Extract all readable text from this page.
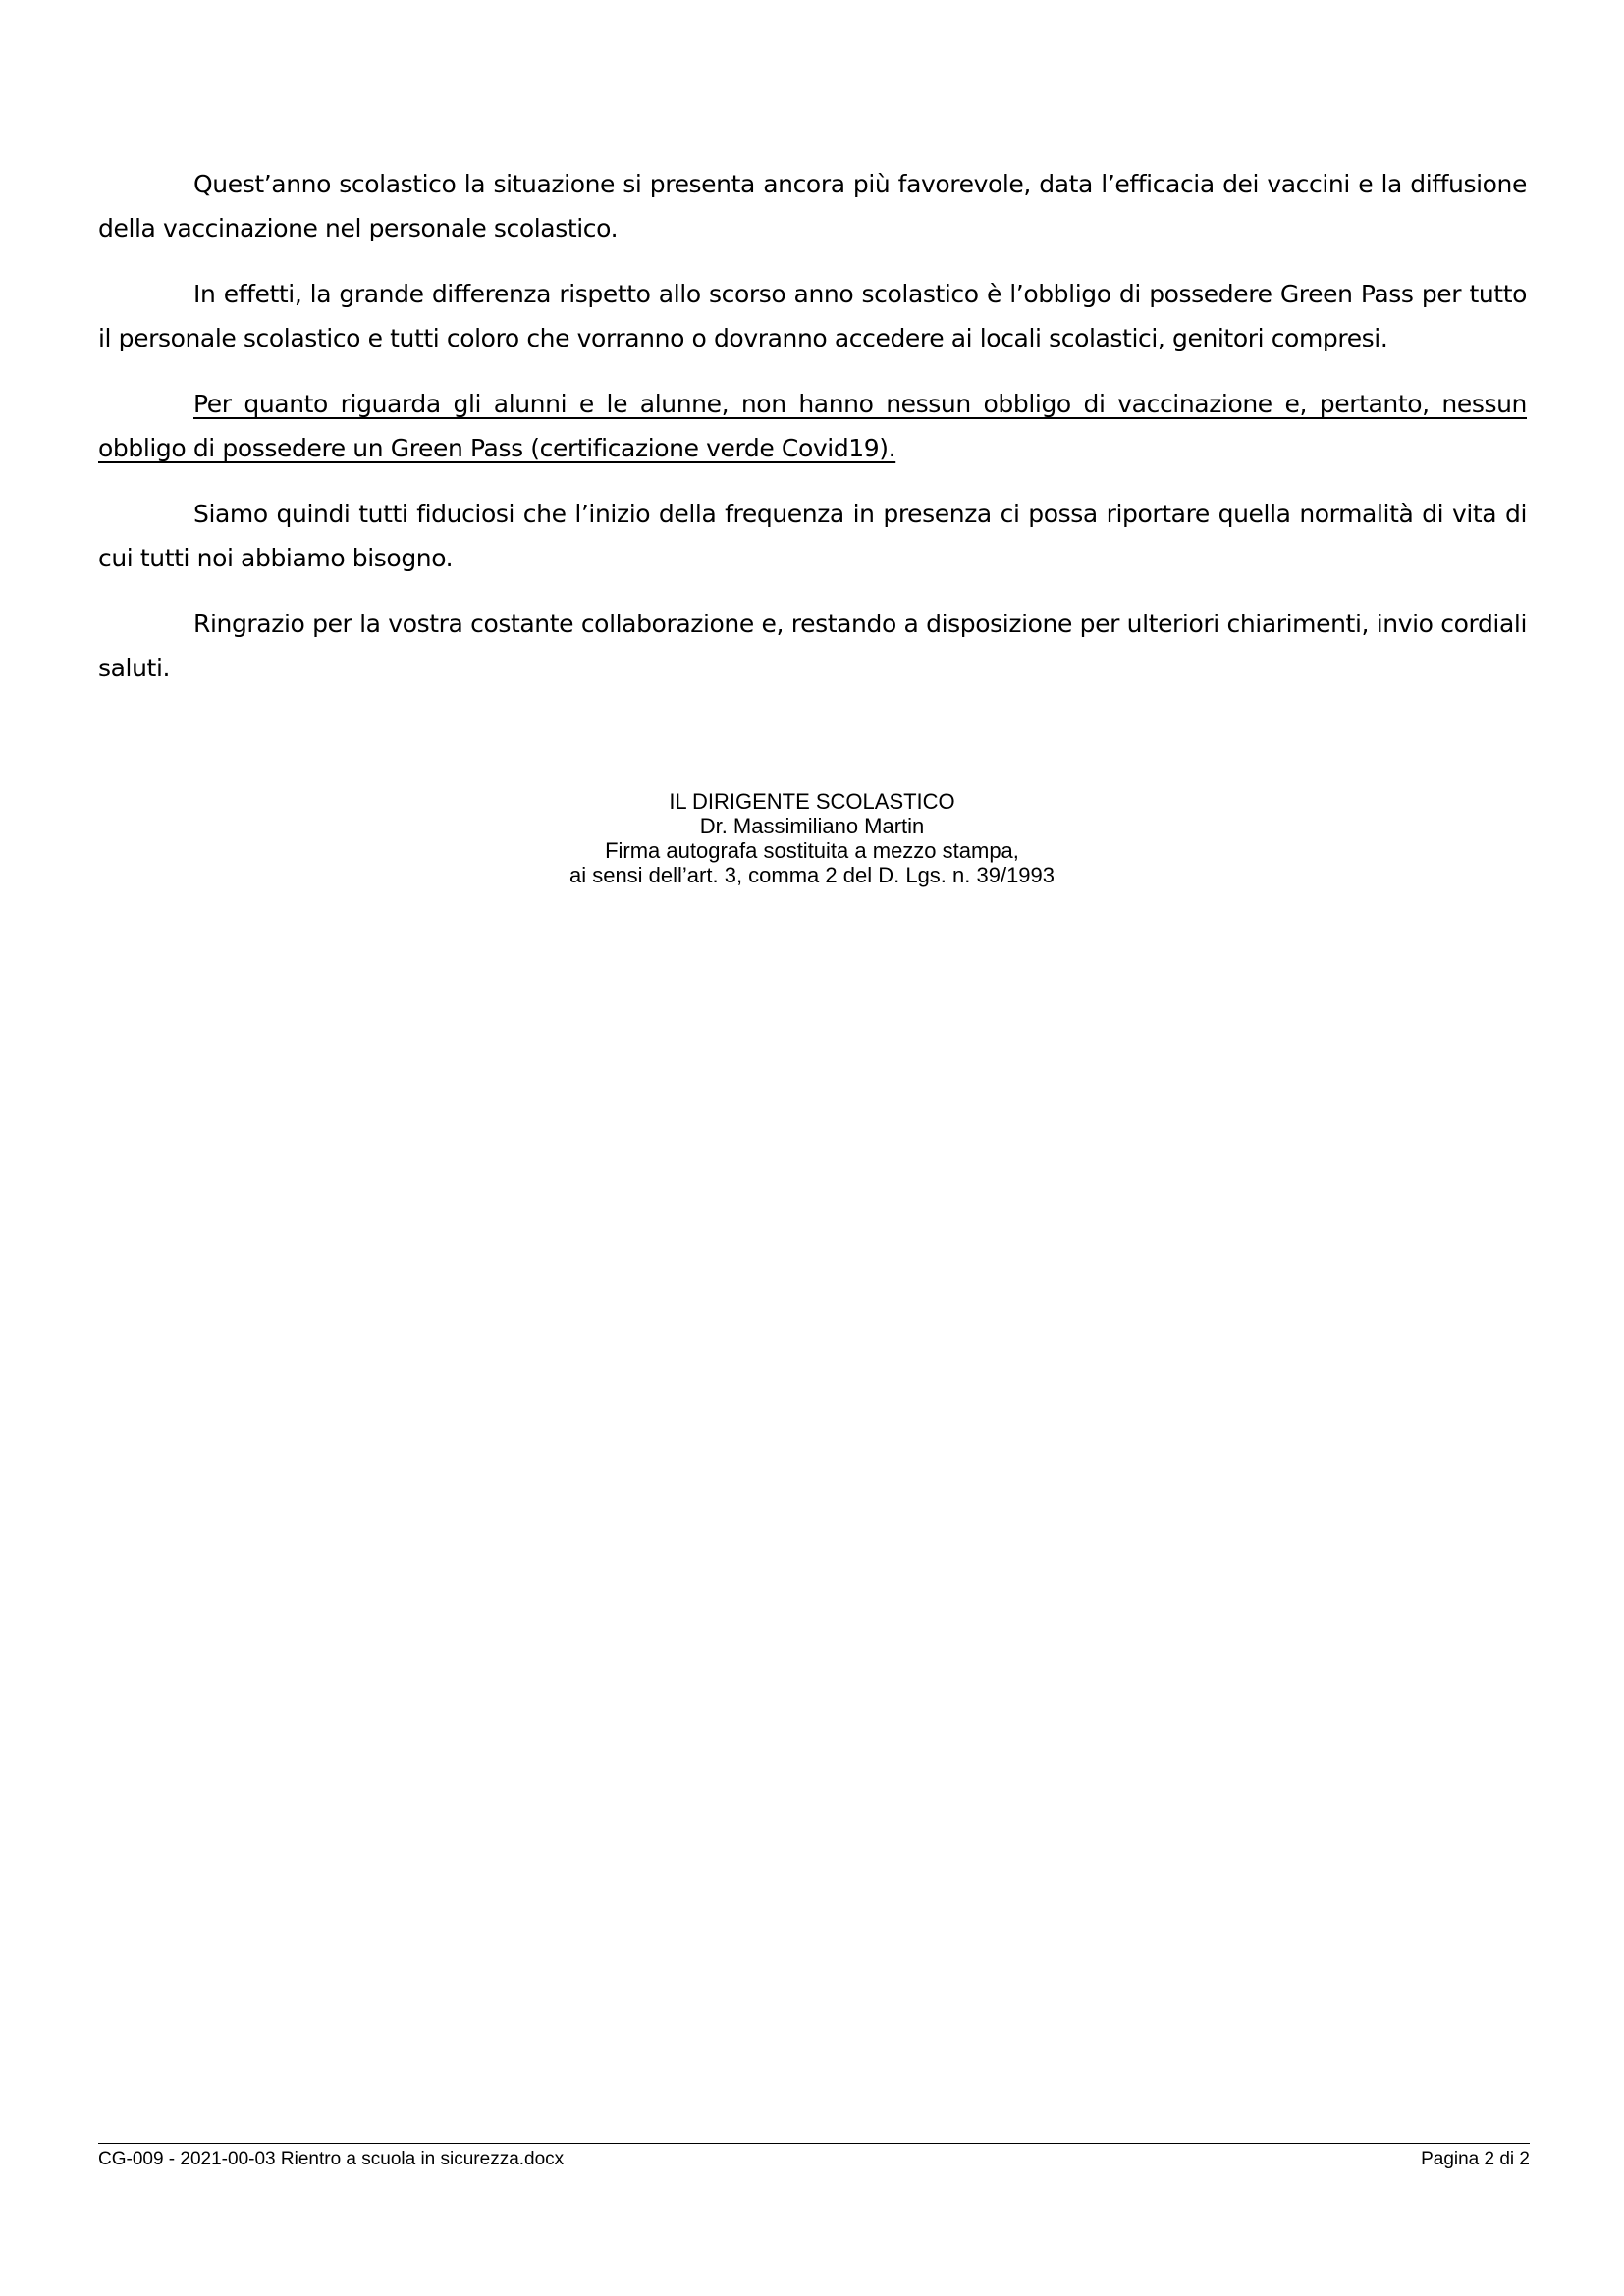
Quest’anno scolastico la situazione si presenta ancora più favorevole, data l’efficacia dei vaccini e la diffusione della vaccinazione nel personale scolastico.

In effetti, la grande differenza rispetto allo scorso anno scolastico è l’obbligo di possedere Green Pass per tutto il personale scolastico e tutti coloro che vorranno o dovranno accedere ai locali scolastici, genitori compresi.

Per quanto riguarda gli alunni e le alunne, non hanno nessun obbligo di vaccinazione e, pertanto, nessun obbligo di possedere un Green Pass (certificazione verde Covid19).

Siamo quindi tutti fiduciosi che l’inizio della frequenza in presenza ci possa riportare quella normalità di vita di cui tutti noi abbiamo bisogno.

Ringrazio per la vostra costante collaborazione e, restando a disposizione per ulteriori chiarimenti, invio cordiali saluti.

IL DIRIGENTE SCOLASTICO
Dr. Massimiliano Martin
Firma autografa sostituita a mezzo stampa,
ai sensi dell’art. 3, comma 2 del D. Lgs. n. 39/1993
CG-009 - 2021-00-03 Rientro a scuola in sicurezza.docx	Pagina 2 di 2
